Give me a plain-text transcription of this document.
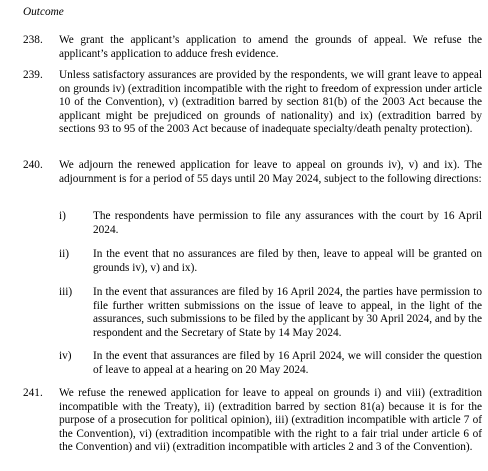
Outcome
238. We grant the applicant’s application to amend the grounds of appeal. We refuse the applicant’s application to adduce fresh evidence.
239. Unless satisfactory assurances are provided by the respondents, we will grant leave to appeal on grounds iv) (extradition incompatible with the right to freedom of expression under article 10 of the Convention), v) (extradition barred by section 81(b) of the 2003 Act because the applicant might be prejudiced on grounds of nationality) and ix) (extradition barred by sections 93 to 95 of the 2003 Act because of inadequate specialty/death penalty protection).
240. We adjourn the renewed application for leave to appeal on grounds iv), v) and ix). The adjournment is for a period of 55 days until 20 May 2024, subject to the following directions:
i) The respondents have permission to file any assurances with the court by 16 April 2024.
ii) In the event that no assurances are filed by then, leave to appeal will be granted on grounds iv), v) and ix).
iii) In the event that assurances are filed by 16 April 2024, the parties have permission to file further written submissions on the issue of leave to appeal, in the light of the assurances, such submissions to be filed by the applicant by 30 April 2024, and by the respondent and the Secretary of State by 14 May 2024.
iv) In the event that assurances are filed by 16 April 2024, we will consider the question of leave to appeal at a hearing on 20 May 2024.
241. We refuse the renewed application for leave to appeal on grounds i) and viii) (extradition incompatible with the Treaty), ii) (extradition barred by section 81(a) because it is for the purpose of a prosecution for political opinion), iii) (extradition incompatible with article 7 of the Convention), vi) (extradition incompatible with the right to a fair trial under article 6 of the Convention) and vii) (extradition incompatible with articles 2 and 3 of the Convention).
